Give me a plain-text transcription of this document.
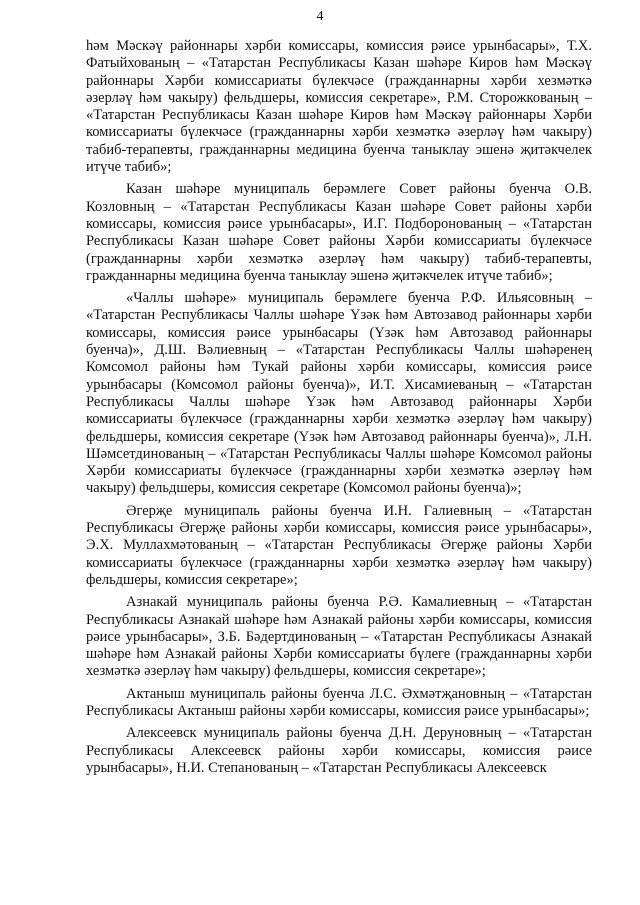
4

һәм Мәскәү районнары хәрби комиссары, комиссия рәисе урынбасары», Т.Х. Фатыйхованың – «Татарстан Республикасы Казан шәһәре Киров һәм Мәскәү районнары Хәрби комиссариаты бүлекчәсе (гражданнарны хәрби хезмәткә әзерләү һәм чакыру) фельдшеры, комиссия секретаре», Р.М. Сторожкованың – «Татарстан Республикасы Казан шәһәре Киров һәм Мәскәү районнары Хәрби комиссариаты бүлекчәсе (гражданнарны хәрби хезмәткә әзерләү һәм чакыру) табиб-терапевты, гражданнарны медицина буенча таныклау эшенә җитәкчелек итүче табиб»;

Казан шәһәре муниципаль берәмлеге Совет районы буенча О.В. Козловның – «Татарстан Республикасы Казан шәһәре Совет районы хәрби комиссары, комиссия рәисе урынбасары», И.Г. Подборонованың – «Татарстан Республикасы Казан шәһәре Совет районы Хәрби комиссариаты бүлекчәсе (гражданнарны хәрби хезмәткә әзерләү һәм чакыру) табиб-терапевты, гражданнарны медицина буенча таныклау эшенә җитәкчелек итүче табиб»;

«Чаллы шәһәре» муниципаль берәмлеге буенча Р.Ф. Ильясовның – «Татарстан Республикасы Чаллы шәһәре Үзәк һәм Автозавод районнары хәрби комиссары, комиссия рәисе урынбасары (Үзәк һәм Автозавод районнары буенча)», Д.Ш. Вәлиевның – «Татарстан Республикасы Чаллы шәһәренең Комсомол районы һәм Тукай районы хәрби комиссары, комиссия рәисе урынбасары (Комсомол районы буенча)», И.Т. Хисамиеваның – «Татарстан Республикасы Чаллы шәһәре Үзәк һәм Автозавод районнары Хәрби комиссариаты бүлекчәсе (гражданнарны хәрби хезмәткә әзерләү һәм чакыру) фельдшеры, комиссия секретаре (Үзәк һәм Автозавод районнары буенча)», Л.Н. Шәмсетдинованың – «Татарстан Республикасы Чаллы шәһәре Комсомол районы Хәрби комиссариаты бүлекчәсе (гражданнарны хәрби хезмәткә әзерләү һәм чакыру) фельдшеры, комиссия секретаре (Комсомол районы буенча)»;

Әгерҗе муниципаль районы буенча И.Н. Галиевның – «Татарстан Республикасы Әгерҗе районы хәрби комиссары, комиссия рәисе урынбасары», Э.Х. Муллахмәтованың – «Татарстан Республикасы Әгерҗе районы Хәрби комиссариаты бүлекчәсе (гражданнарны хәрби хезмәткә әзерләү һәм чакыру) фельдшеры, комиссия секретаре»;

Азнакай муниципаль районы буенча Р.Ә. Камалиевның – «Татарстан Республикасы Азнакай шәһәре һәм Азнакай районы хәрби комиссары, комиссия рәисе урынбасары», З.Б. Бәдертдинованың – «Татарстан Республикасы Азнакай шәһәре һәм Азнакай районы Хәрби комиссариаты бүлеге (гражданнарны хәрби хезмәткә әзерләү һәм чакыру) фельдшеры, комиссия секретаре»;

Актаныш муниципаль районы буенча Л.С. Әхмәтҗановның – «Татарстан Республикасы Актаныш районы хәрби комиссары, комиссия рәисе урынбасары»;

Алексеевск муниципаль районы буенча Д.Н. Деруновның – «Татарстан Республикасы Алексеевск районы хәрби комиссары, комиссия рәисе урынбасары», Н.И. Степанованың – «Татарстан Республикасы Алексеевск
